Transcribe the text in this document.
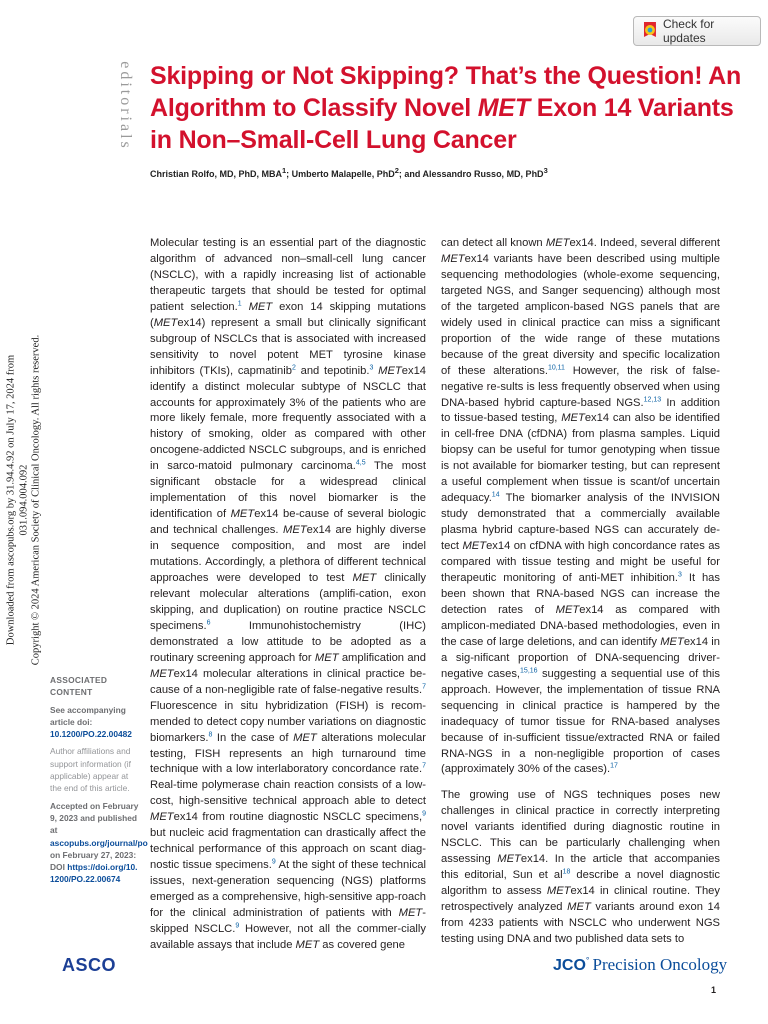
Check for updates
editorials
Downloaded from ascopubs.org by 31.94.4.92 on July 17, 2024 from 031.094.004.092 Copyright © 2024 American Society of Clinical Oncology. All rights reserved.
Skipping or Not Skipping? That’s the Question! An Algorithm to Classify Novel MET Exon 14 Variants in Non–Small-Cell Lung Cancer
Christian Rolfo, MD, PhD, MBA$^1$; Umberto Malapelle, PhD$^2$; and Alessandro Russo, MD, PhD$^3$

ASSOCIATED
CONTENT

See accompanying article doi: 10.1200/PO.22.00482

Author affiliations and support information (if applicable) appear at the end of this article.

Accepted on February 9, 2023 and published at ascopubs.org/journal/po on February 27, 2023: DOI https://doi.org/10.1200/PO.22.00674

Molecular testing is an essential part of the diagnostic algorithm of advanced non–small-cell lung cancer (NSCLC), with a rapidly increasing list of actionable therapeutic targets that should be tested for optimal patient selection.$^1$ MET exon 14 skipping mutations (METex14) represent a small but clinically significant subgroup of NSCLCs that is associated with increased sensitivity to novel potent MET tyrosine kinase inhibitors (TKIs), capmatinib$^2$ and tepotinib.$^3$ METex14 identify a distinct molecular subtype of NSCLC that accounts for approximately 3% of the patients who are more likely female, more frequently associated with a history of smoking, older as compared with other oncogene-addicted NSCLC subgroups, and is enriched in sarco-matoid pulmonary carcinoma.$^{4,5}$ The most significant obstacle for a widespread clinical implementation of this novel biomarker is the identification of METex14 be-cause of several biologic and technical challenges. METex14 are highly diverse in sequence composition, and most are indel mutations. Accordingly, a plethora of different technical approaches were developed to test MET clinically relevant molecular alterations (amplifi-cation, exon skipping, and duplication) on routine practice NSCLC specimens.$^6$ Immunohistochemistry (IHC) demonstrated a low attitude to be adopted as a routinary screening approach for MET amplification and METex14 molecular alterations in clinical practice be-cause of a non-negligible rate of false-negative results.$^7$ Fluorescence in situ hybridization (FISH) is recom-mended to detect copy number variations on diagnostic biomarkers.$^8$ In the case of MET alterations molecular testing, FISH represents an high turnaround time technique with a low interlaboratory concordance rate.$^7$ Real-time polymerase chain reaction consists of a low-cost, high-sensitive technical approach able to detect METex14 from routine diagnostic NSCLC specimens,$^9$ but nucleic acid fragmentation can drastically affect the technical performance of this approach on scant diag-nostic tissue specimens.$^9$ At the sight of these technical issues, next-generation sequencing (NGS) platforms emerged as a comprehensive, high-sensitive app-roach for the clinical administration of patients with MET-skipped NSCLC.$^9$ However, not all the commer-cially available assays that include MET as covered gene

can detect all known METex14. Indeed, several different METex14 variants have been described using multiple sequencing methodologies (whole-exome sequencing, targeted NGS, and Sanger sequencing) although most of the targeted amplicon-based NGS panels that are widely used in clinical practice can miss a significant proportion of the wide range of these mutations because of the great diversity and specific localization of these alterations.$^{10,11}$ However, the risk of false-negative re-sults is less frequently observed when using DNA-based hybrid capture-based NGS.$^{12,13}$ In addition to tissue-based testing, METex14 can also be identified in cell-free DNA (cfDNA) from plasma samples. Liquid biopsy can be useful for tumor genotyping when tissue is not available for biomarker testing, but can represent a useful complement when tissue is scant/of uncertain adequacy.$^{14}$ The biomarker analysis of the INVISION study demonstrated that a commercially available plasma hybrid capture-based NGS can accurately de-tect METex14 on cfDNA with high concordance rates as compared with tissue testing and might be useful for therapeutic monitoring of anti-MET inhibition.$^3$ It has been shown that RNA-based NGS can increase the detection rates of METex14 as compared with amplicon-mediated DNA-based methodologies, even in the case of large deletions, and can identify METex14 in a sig-nificant proportion of DNA-sequencing driver-negative cases,$^{15,16}$ suggesting a sequential use of this approach. However, the implementation of tissue RNA sequencing in clinical practice is hampered by the inadequacy of tumor tissue for RNA-based analyses because of in-sufficient tissue/extracted RNA or failed RNA-NGS in a non-negligible proportion of cases (approximately 30% of the cases).$^{17}$

The growing use of NGS techniques poses new challenges in clinical practice in correctly interpreting novel variants identified during diagnostic routine in NSCLC. This can be particularly challenging when assessing METex14. In the article that accompanies this editorial, Sun et $al^{18}$ describe a novel diagnostic algorithm to assess METex14 in clinical routine. They retrospectively analyzed MET variants around exon 14 from 4233 patients with NSCLC who underwent NGS testing using DNA and two published data sets to

ASCO	JCO° Precision Oncology
1
